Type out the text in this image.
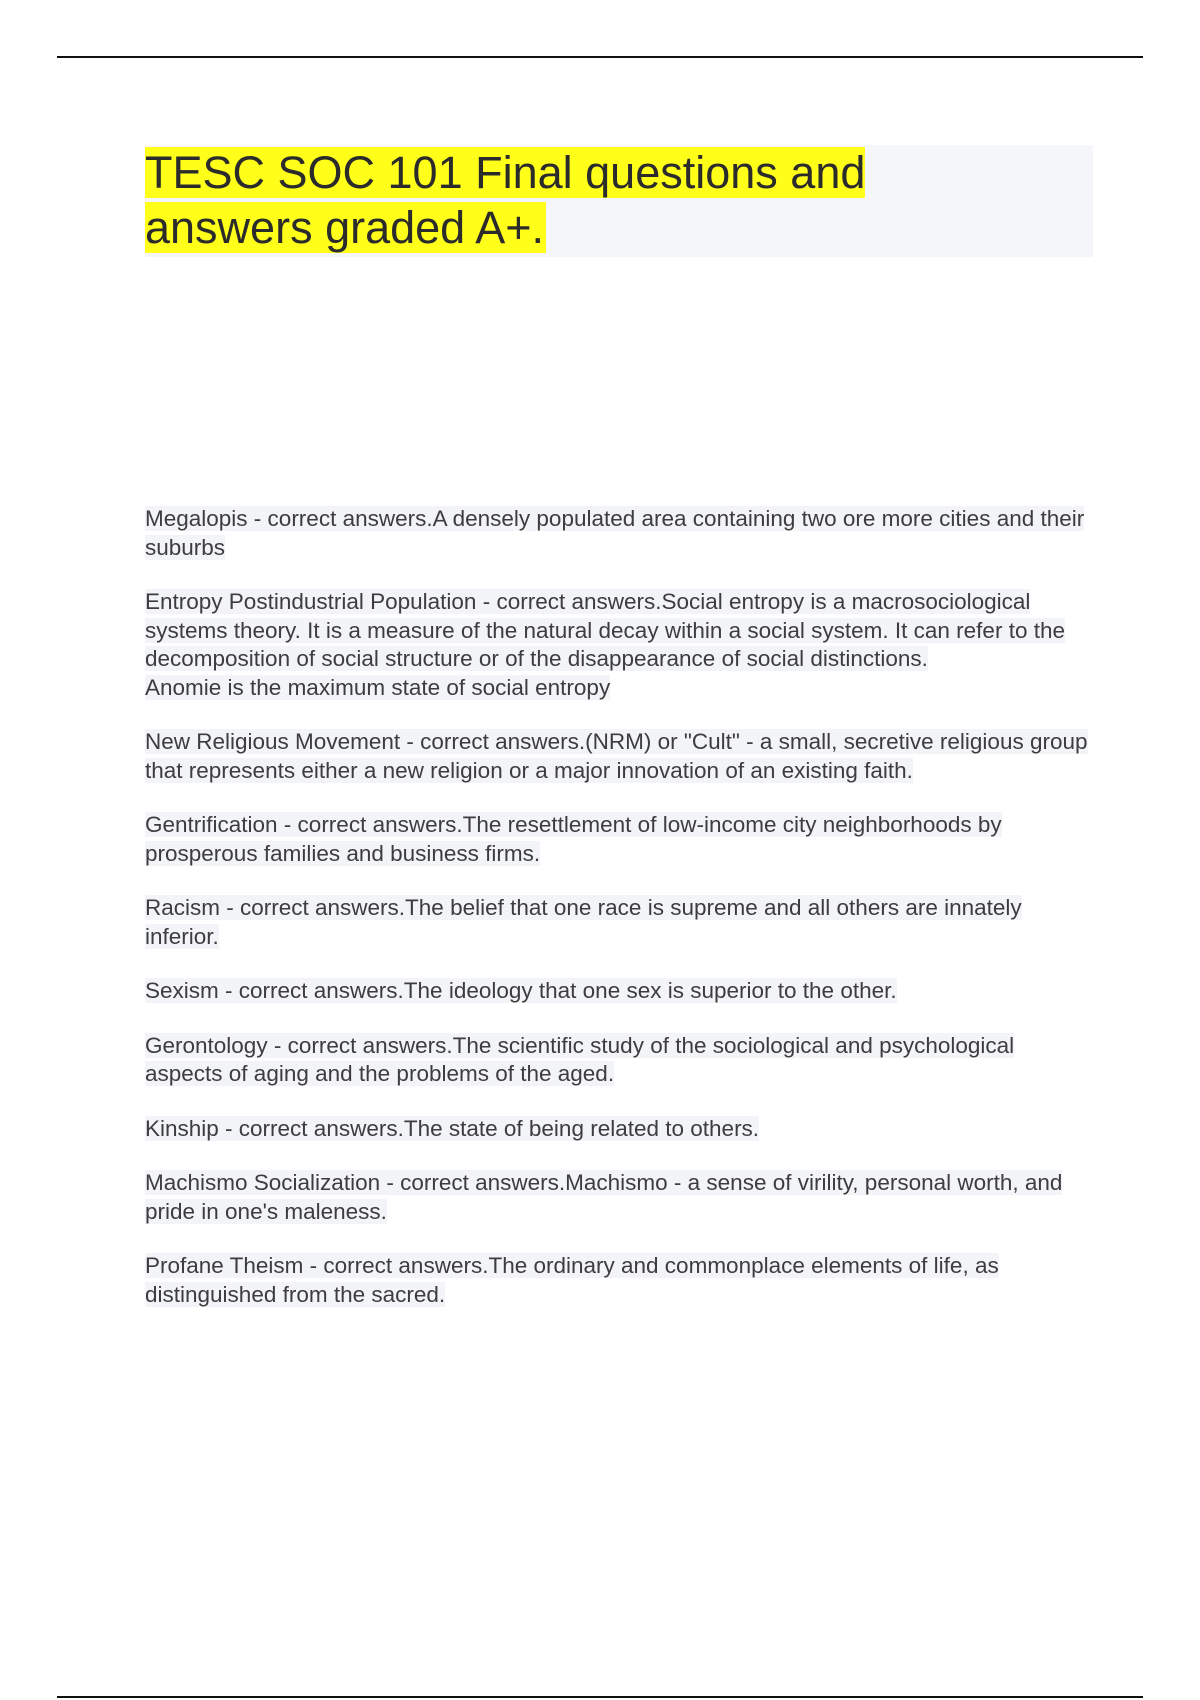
TESC SOC 101 Final questions and answers graded A+.

Megalopis - correct answers.A densely populated area containing two ore more cities and their suburbs

Entropy Postindustrial Population - correct answers.Social entropy is a macrosociological systems theory. It is a measure of the natural decay within a social system. It can refer to the decomposition of social structure or of the disappearance of social distinctions.
Anomie is the maximum state of social entropy

New Religious Movement - correct answers.(NRM) or "Cult" - a small, secretive religious group that represents either a new religion or a major innovation of an existing faith.

Gentrification - correct answers.The resettlement of low-income city neighborhoods by prosperous families and business firms.

Racism - correct answers.The belief that one race is supreme and all others are innately inferior.

Sexism - correct answers.The ideology that one sex is superior to the other.

Gerontology - correct answers.The scientific study of the sociological and psychological aspects of aging and the problems of the aged.

Kinship - correct answers.The state of being related to others.

Machismo Socialization - correct answers.Machismo - a sense of virility, personal worth, and pride in one's maleness.

Profane Theism - correct answers.The ordinary and commonplace elements of life, as distinguished from the sacred.
